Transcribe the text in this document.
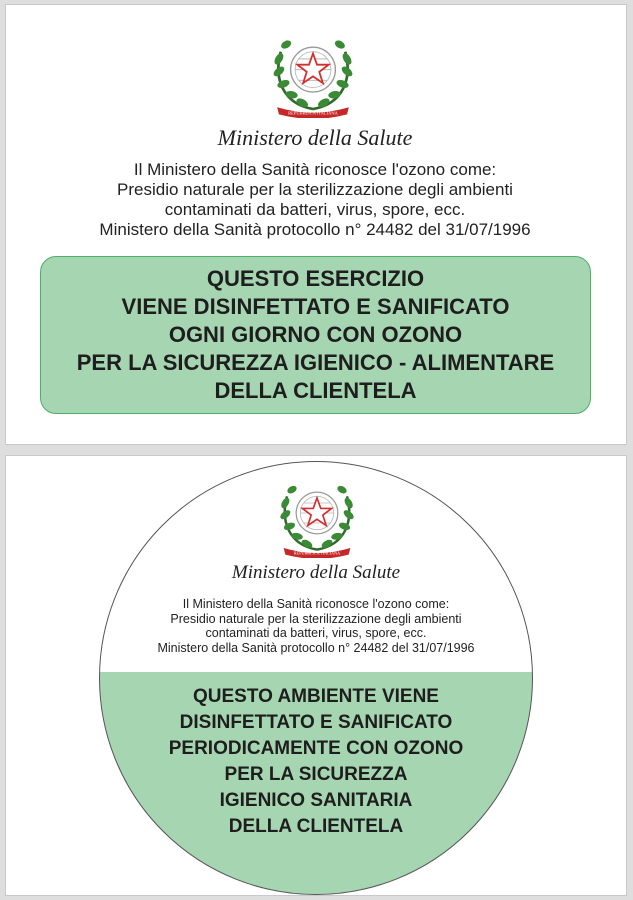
REPUBBLICA ITALIANA

Ministero della Salute

Il Ministero della Sanità riconosce l'ozono come:
Presidio naturale per la sterilizzazione degli ambienti
contaminati da batteri, virus, spore, ecc.
Ministero della Sanità protocollo n° 24482 del 31/07/1996
QUESTO ESERCIZIO
VIENE DISINFETTATO E SANIFICATO
OGNI GIORNO CON OZONO
PER LA SICUREZZA IGIENICO - ALIMENTARE
DELLA CLIENTELA
REPUBBLICA ITALIANA

Ministero della Salute

Il Ministero della Sanità riconosce l'ozono come:
Presidio naturale per la sterilizzazione degli ambienti
contaminati da batteri, virus, spore, ecc.
Ministero della Sanità protocollo n° 24482 del 31/07/1996
QUESTO AMBIENTE VIENE
DISINFETTATO E SANIFICATO
PERIODICAMENTE CON OZONO
PER LA SICUREZZA
IGIENICO SANITARIA
DELLA CLIENTELA
